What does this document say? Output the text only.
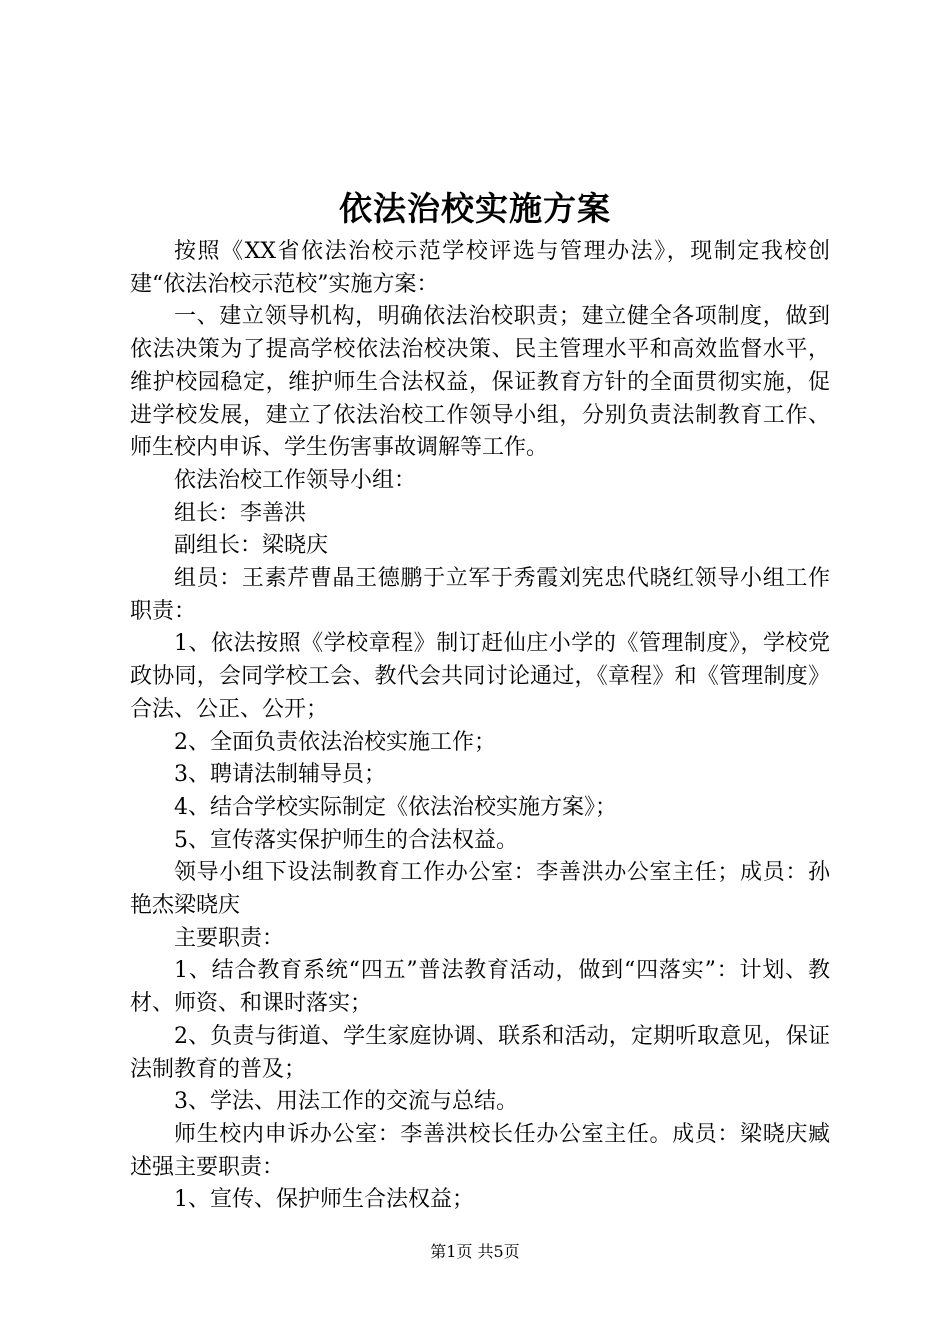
依法治校实施方案

按照《XX省依法治校示范学校评选与管理办法》，现制定我校创建“依法治校示范校”实施方案：

一、建立领导机构，明确依法治校职责；建立健全各项制度，做到依法决策为了提高学校依法治校决策、民主管理水平和高效监督水平，维护校园稳定，维护师生合法权益，保证教育方针的全面贯彻实施，促进学校发展，建立了依法治校工作领导小组，分别负责法制教育工作、师生校内申诉、学生伤害事故调解等工作。

依法治校工作领导小组：

组长：李善洪

副组长：梁晓庆

组员：王素芹曹晶王德鹏于立军于秀霞刘宪忠代晓红领导小组工作职责：

1、依法按照《学校章程》制订赶仙庄小学的《管理制度》，学校党政协同，会同学校工会、教代会共同讨论通过，《章程》和《管理制度》合法、公正、公开；

2、全面负责依法治校实施工作；

3、聘请法制辅导员；

4、结合学校实际制定《依法治校实施方案》；

5、宣传落实保护师生的合法权益。

领导小组下设法制教育工作办公室：李善洪办公室主任；成员：孙艳杰梁晓庆

主要职责：

1、结合教育系统“四五”普法教育活动，做到“四落实”：计划、教材、师资、和课时落实；

2、负责与街道、学生家庭协调、联系和活动，定期听取意见，保证法制教育的普及；

3、学法、用法工作的交流与总结。

师生校内申诉办公室：李善洪校长任办公室主任。成员：梁晓庆臧述强主要职责：

1、宣传、保护师生合法权益；

第1页 共5页
